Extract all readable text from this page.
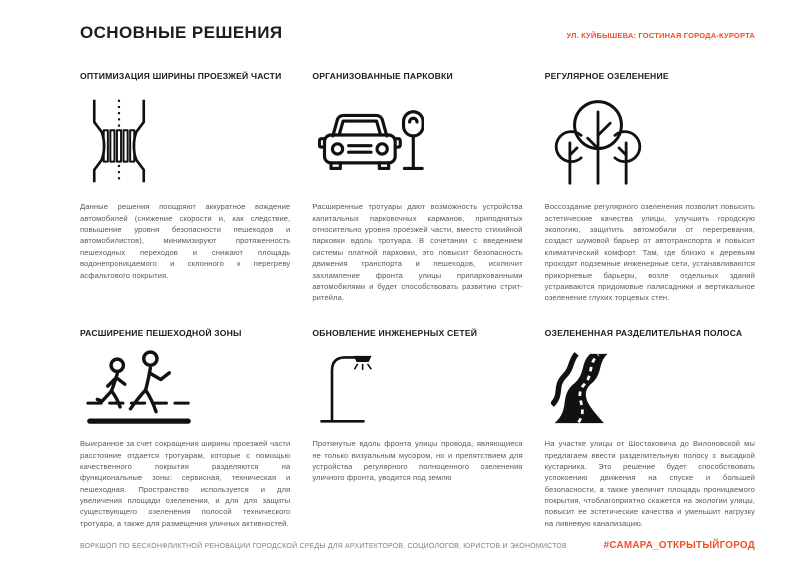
ОСНОВНЫЕ РЕШЕНИЯ	УЛ. КУЙБЫШЕВА: ГОСТИНАЯ ГОРОДА-КУРОРТА
ОПТИМИЗАЦИЯ ШИРИНЫ ПРОЕЗЖЕЙ ЧАСТИ
Данные решения поощряют аккуратное вождение автомобилей (снижение скорости и, как следствие, повышение уровня безопасности пешеходов и автомобилистов), минимизируют протяженность пешеходных переходов и снижают площадь водонепроницаемого и склонного к перегреву асфальтового покрытия.
ОРГАНИЗОВАННЫЕ ПАРКОВКИ
Расширенные тротуары дают возможность устройства капитальных парковочных карманов, приподнятых относительно уровня проезжей части, вместо стихийной парковки вдоль тротуара. В сочетании с введением системы платной парковки, это повысит безопасность движения транспорта и пешеходов, исключит захламление фронта улицы припаркованными автомобилями и будет способствовать развитию стрит-ритейла.
РЕГУЛЯРНОЕ ОЗЕЛЕНЕНИЕ
Воссоздание регулярного озеленения позволит повысить эстетические качества улицы, улучшить городскую экологию, защитить автомобили от перегревания, создаст шумовой барьер от автотранспорта и повысит климатический комфорт. Там, где близко к деревьям проходят подземные инженерные сети, устанавливаются прикорневые барьеры, возле отдельных зданий устраиваются придомовые палисадники и вертикальное озеленение глухих торцевых стен.
РАСШИРЕНИЕ ПЕШЕХОДНОЙ ЗОНЫ
Выигранное за счет сокращения ширины проезжей части расстояние отдается тротуарам, которые с помощью качественного покрытия разделяются на функциональные зоны: сервисная, техническая и пешеходная. Пространство используется и для увеличения площади озеленения, и для для защиты существующего озеленения полосой технического тротуара, а также для размещения уличных активностей.
ОБНОВЛЕНИЕ ИНЖЕНЕРНЫХ СЕТЕЙ
Протянутые вдоль фронта улицы провода, являющиеся не только визуальным мусором, но и препятствием для устройства регулярного полноценного озеленения уличного фронта, уводятся под землю
ОЗЕЛЕНЕННАЯ РАЗДЕЛИТЕЛЬНАЯ ПОЛОСА
На участке улицы от Шостаковича до Вилоновской мы предлагаем ввести разделительную полосу с высадкой кустарника. Это решение будет способствовать успокоению движения на спуске и большей безопасности, а также увеличит площадь проницаемого покрытия, чтоблагоприятно скажется на экологии улицы, повысит ее эстетические качества и уменьшит нагрузку на ливневую канализацию.
ВОРКШОП ПО БЕСКОНФЛИКТНОЙ РЕНОВАЦИИ ГОРОДСКОЙ СРЕДЫ ДЛЯ АРХИТЕКТОРОВ, СОЦИОЛОГОВ, ЮРИСТОВ И ЭКОНОМИСТОВ	#САМАРА_ОТКРЫТЫЙГОРОД
